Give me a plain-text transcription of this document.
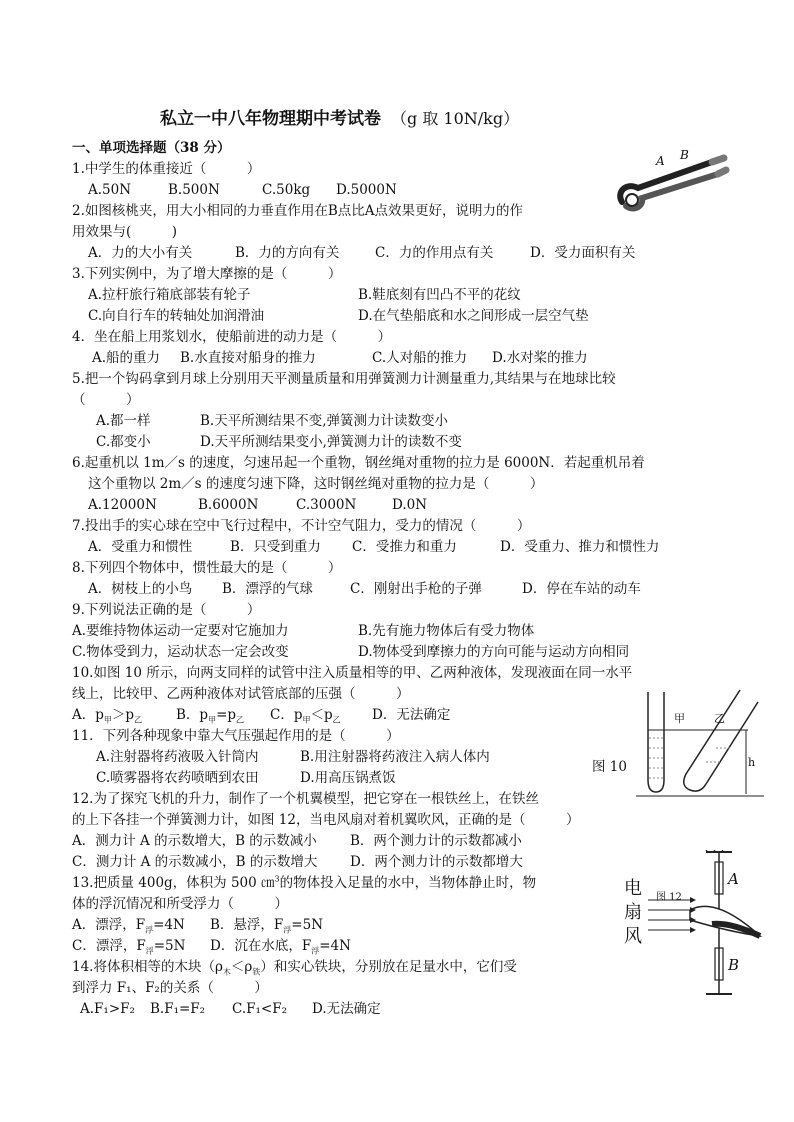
私立一中八年物理期中考试卷 （g 取 10N/kg）
一、单项选择题（38 分）
1.中学生的体重接近（　　　）
A.50N	B.500N	C.50kg D.5000N
2.如图核桃夹，用大小相同的力垂直作用在B点比A点效果更好，说明力的作
用效果与(　　　)
A．力的大小有关	B．力的方向有关	C．力的作用点有关	D．受力面积有关
A B
3.下列实例中，为了增大摩擦的是（　　　）
A.拉杆旅行箱底部装有轮子	B.鞋底刻有凹凸不平的花纹
C.向自行车的转轴处加润滑油	D.在气垫船底和水之间形成一层空气垫
4．坐在船上用浆划水，使船前进的动力是（　　　）
A.船的重力 B.水直接对船身的推力	C.人对船的推力 D.水对桨的推力
5.把一个钩码拿到月球上分别用天平测量质量和用弹簧测力计测量重力,其结果与在地球比较
（　　　）
A.都一样	B.天平所测结果不变,弹簧测力计读数变小
C.都变小	D.天平所测结果变小,弹簧测力计的读数不变
6.起重机以 1m／s 的速度，匀速吊起一个重物，钢丝绳对重物的拉力是 6000N．若起重机吊着
这个重物以 2m／s 的速度匀速下降，这时钢丝绳对重物的拉力是（　　　）
A.12000N	B.6000N	C.3000N	D.0N
7.投出手的实心球在空中飞行过程中，不计空气阻力，受力的情况（　　　）
A．受重力和惯性	B．只受到重力 C．受推力和重力	D．受重力、推力和惯性力
8.下列四个物体中，惯性最大的是（　　　）
A．树枝上的小鸟 B．漂浮的气球	C．刚射出手枪的子弹	D．停在车站的动车
9.下列说法正确的是（　　　）
A.要维持物体运动一定要对它施加力	B.先有施力物体后有受力物体
C.物体受到力，运动状态一定会改变	D.物体受到摩擦力的方向可能与运动方向相同
10.如图 10 所示，向两支同样的试管中注入质量相等的甲、乙两种液体，发现液面在同一水平
线上，比较甲、乙两种液体对试管底部的压强（　　　）
A．$p_甲>p_乙$	B．$p_甲=p_乙$ C．$p_甲<p_乙$ D．无法确定	甲	乙
h
图 10
11．下列各种现象中靠大气压强起作用的是（　　　）
A.注射器将药液吸入针筒内	B.用注射器将药液注入病人体内
C.喷雾器将农药喷晒到农田	D.用高压锅煮饭
12.为了探究飞机的升力，制作了一个机翼模型，把它穿在一根铁丝上，在铁丝
的上下各挂一个弹簧测力计，如图 12，当电风扇对着机翼吹风，正确的是（　　　）
A．测力计 A 的示数增大，B 的示数减小 B．两个测力计的示数都减小
C．测力计 A 的示数减小，B 的示数增大 D．两个测力计的示数都增大
电
扇
风
A
B
图 12
13.把质量 400g，体积为 500 ㎝$^3$的物体投入足量的水中，当物体静止时，物
体的浮沉情况和所受浮力（　　　）
A．漂浮，$F_浮=4N$ B．悬浮，$F_浮=5N$
C．漂浮，$F_浮=5N$ D．沉在水底，$F_浮=4N$
14.将体积相等的木块$(\rho_木<\rho_铁)$和实心铁块，分别放在足量水中，它们受
到浮力 F₁、F₂的关系（　　　）
A.F₁>F₂ B.F₁=F₂ C.F₁<F₂ D.无法确定
